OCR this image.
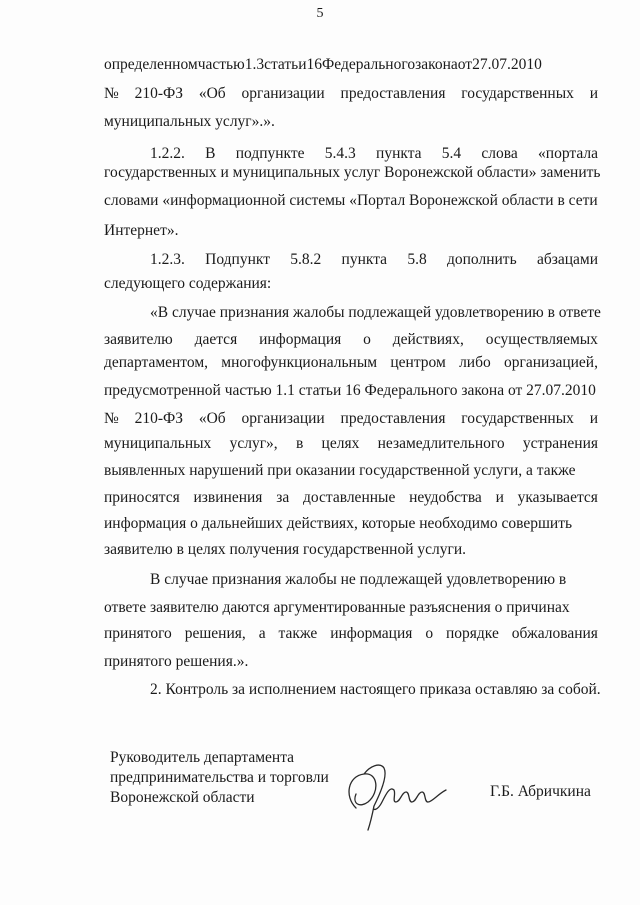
5
определенномчастью1.3статьи16Федеральногозаконаот27.07.2010
№ 210-ФЗ «Об организации предоставления государственных и
муниципальных услуг».».
1.2.2. В подпункте 5.4.3 пункта 5.4 слова «портала
государственных и муниципальных услуг Воронежской области» заменить
словами «информационной системы «Портал Воронежской области в сети
Интернет».
1.2.3. Подпункт 5.8.2 пункта 5.8 дополнить абзацами
следующего содержания:
«В случае признания жалобы подлежащей удовлетворению в ответе
заявителю дается информация о действиях, осуществляемых
департаментом, многофункциональным центром либо организацией,
предусмотренной частью 1.1 статьи 16 Федерального закона от 27.07.2010
№ 210-ФЗ «Об организации предоставления государственных и
муниципальных услуг», в целях незамедлительного устранения
выявленных нарушений при оказании государственной услуги, а также
приносятся извинения за доставленные неудобства и указывается
информация о дальнейших действиях, которые необходимо совершить
заявителю в целях получения государственной услуги.
В случае признания жалобы не подлежащей удовлетворению в
ответе заявителю даются аргументированные разъяснения о причинах
принятого решения, а также информация о порядке обжалования
принятого решения.».
2. Контроль за исполнением настоящего приказа оставляю за собой.
Руководитель департамента
предпринимательства и торговли
Воронежской области	Г.Б. Абричкина
